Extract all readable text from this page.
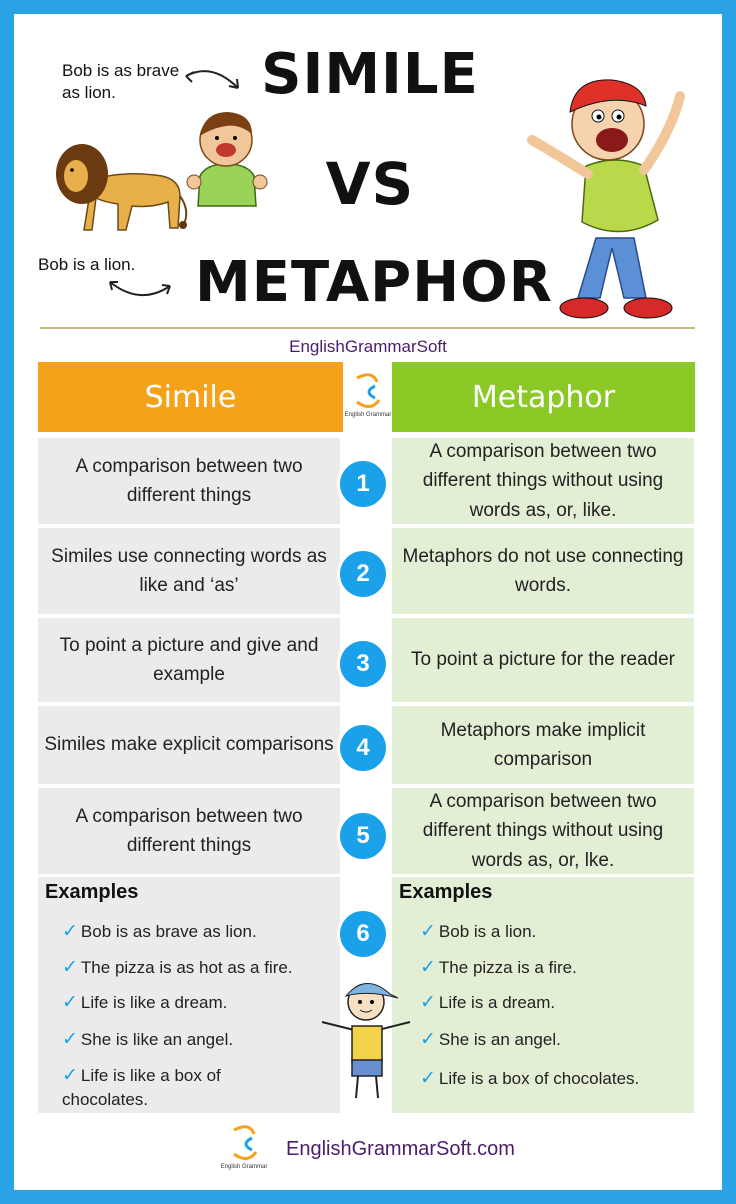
SIMILE
VS
METAPHOR
Bob is as brave as lion.
Bob is a lion.
EnglishGrammarSoft
Simile	Metaphor
English Grammar
A comparison between two different things
A comparison between two different things without using words as, or, like.
1
Similes use connecting words as like and ‘as’
Metaphors do not use connecting words.
2
To point a picture and give and example
To point a picture for the reader
3
Similes make explicit comparisons
Metaphors make implicit comparison
4
A comparison between two different things
A comparison between two different things without using words as, or, lke.
5
Examples
✓ Bob is as brave as lion.
✓ The pizza is as hot as a fire.
✓ Life is like a dream.
✓ She is like an angel.
✓ Life is like a box of chocolates.
Examples
✓ Bob is a lion.
✓ The pizza is a fire.
✓ Life is a dream.
✓ She is an angel.
✓ Life is a box of chocolates.
6
English Grammar
EnglishGrammarSoft.com
